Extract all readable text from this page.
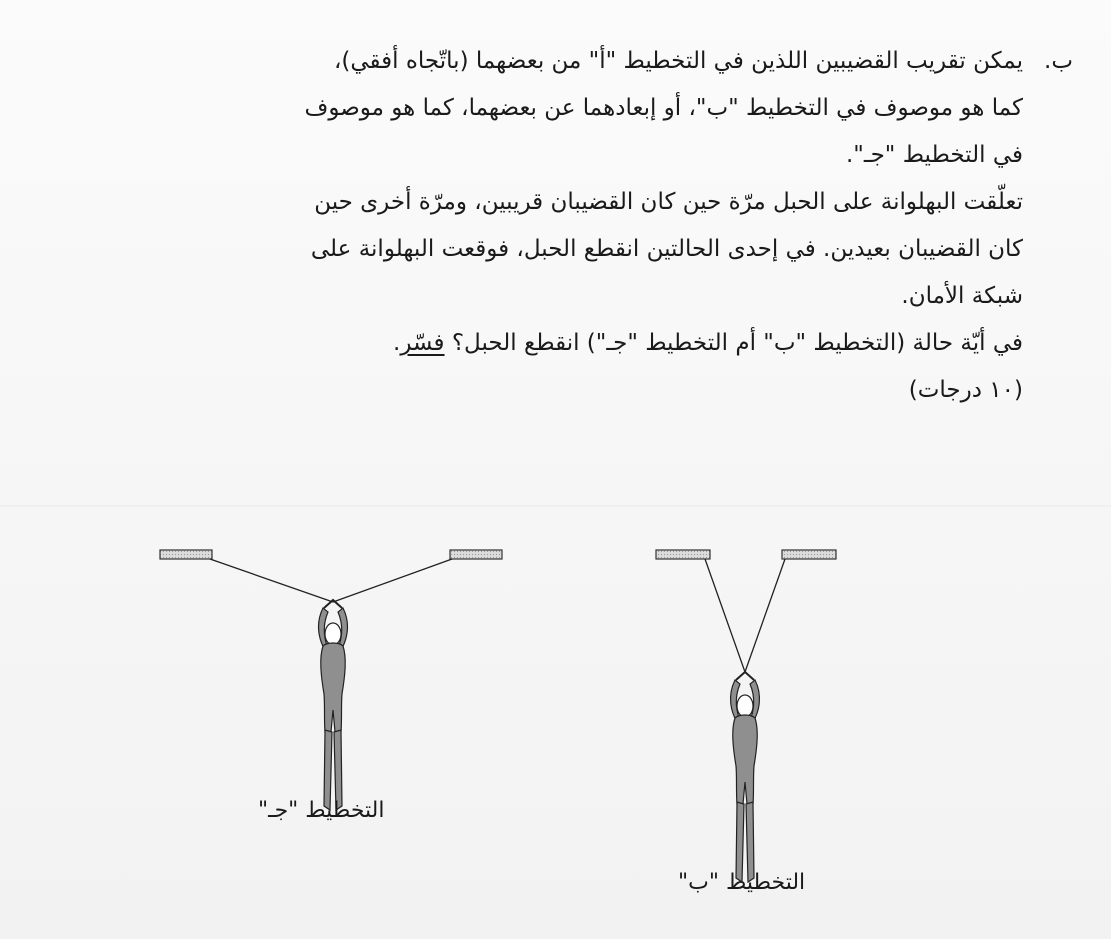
ب.
يمكن تقريب القضيبين اللذين في التخطيط "أ" من بعضهما (باتّجاه أفقي)،

كما هو موصوف في التخطيط "ب"، أو إبعادهما عن بعضهما، كما هو موصوف

في التخطيط "جـ".

تعلّقت البهلوانة على الحبل مرّة حين كان القضيبان قريبين، ومرّة أخرى حين

كان القضيبان بعيدين. في إحدى الحالتين انقطع الحبل، فوقعت البهلوانة على

شبكة الأمان.

في أيّة حالة (التخطيط "ب" أم التخطيط "جـ") انقطع الحبل؟ فسّر.

(١٠ درجات)

التخطيط "جـ"
التخطيط "ب"
